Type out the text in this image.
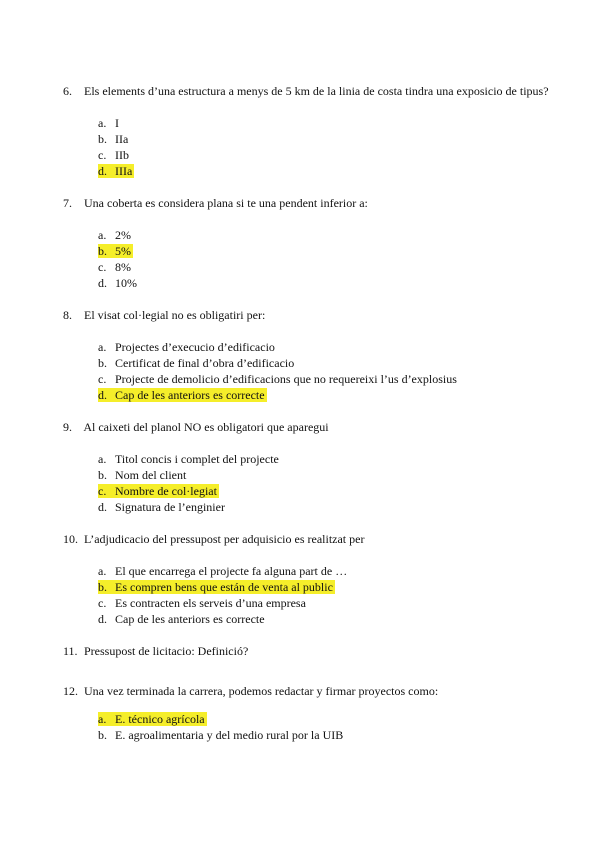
6. Els elements d’una estructura a menys de 5 km de la linia de costa tindra una exposicio de tipus?
a. I
b. IIa
c. IIb
d. IIIa
7. Una coberta es considera plana si te una pendent inferior a:
a. 2%
b. 5%
c. 8%
d. 10%
8. El visat col·legial no es obligatiri per:
a. Projectes d’execucio d’edificacio
b. Certificat de final d’obra d’edificacio
c. Projecte de demolicio d’edificacions que no requereixi l’us d’explosius
d. Cap de les anteriors es correcte
9. Al caixeti del planol NO es obligatori que aparegui
a. Titol concis i complet del projecte
b. Nom del client
c. Nombre de col·legiat
d. Signatura de l’enginier
10. L’adjudicacio del pressupost per adquisicio es realitzat per
a. El que encarrega el projecte fa alguna part de …
b. Es compren bens que están de venta al public
c. Es contracten els serveis d’una empresa
d. Cap de les anteriors es correcte
11. Pressupost de licitacio: Definició?
12. Una vez terminada la carrera, podemos redactar y firmar proyectos como:
a. E. técnico agrícola
b. E. agroalimentaria y del medio rural por la UIB
